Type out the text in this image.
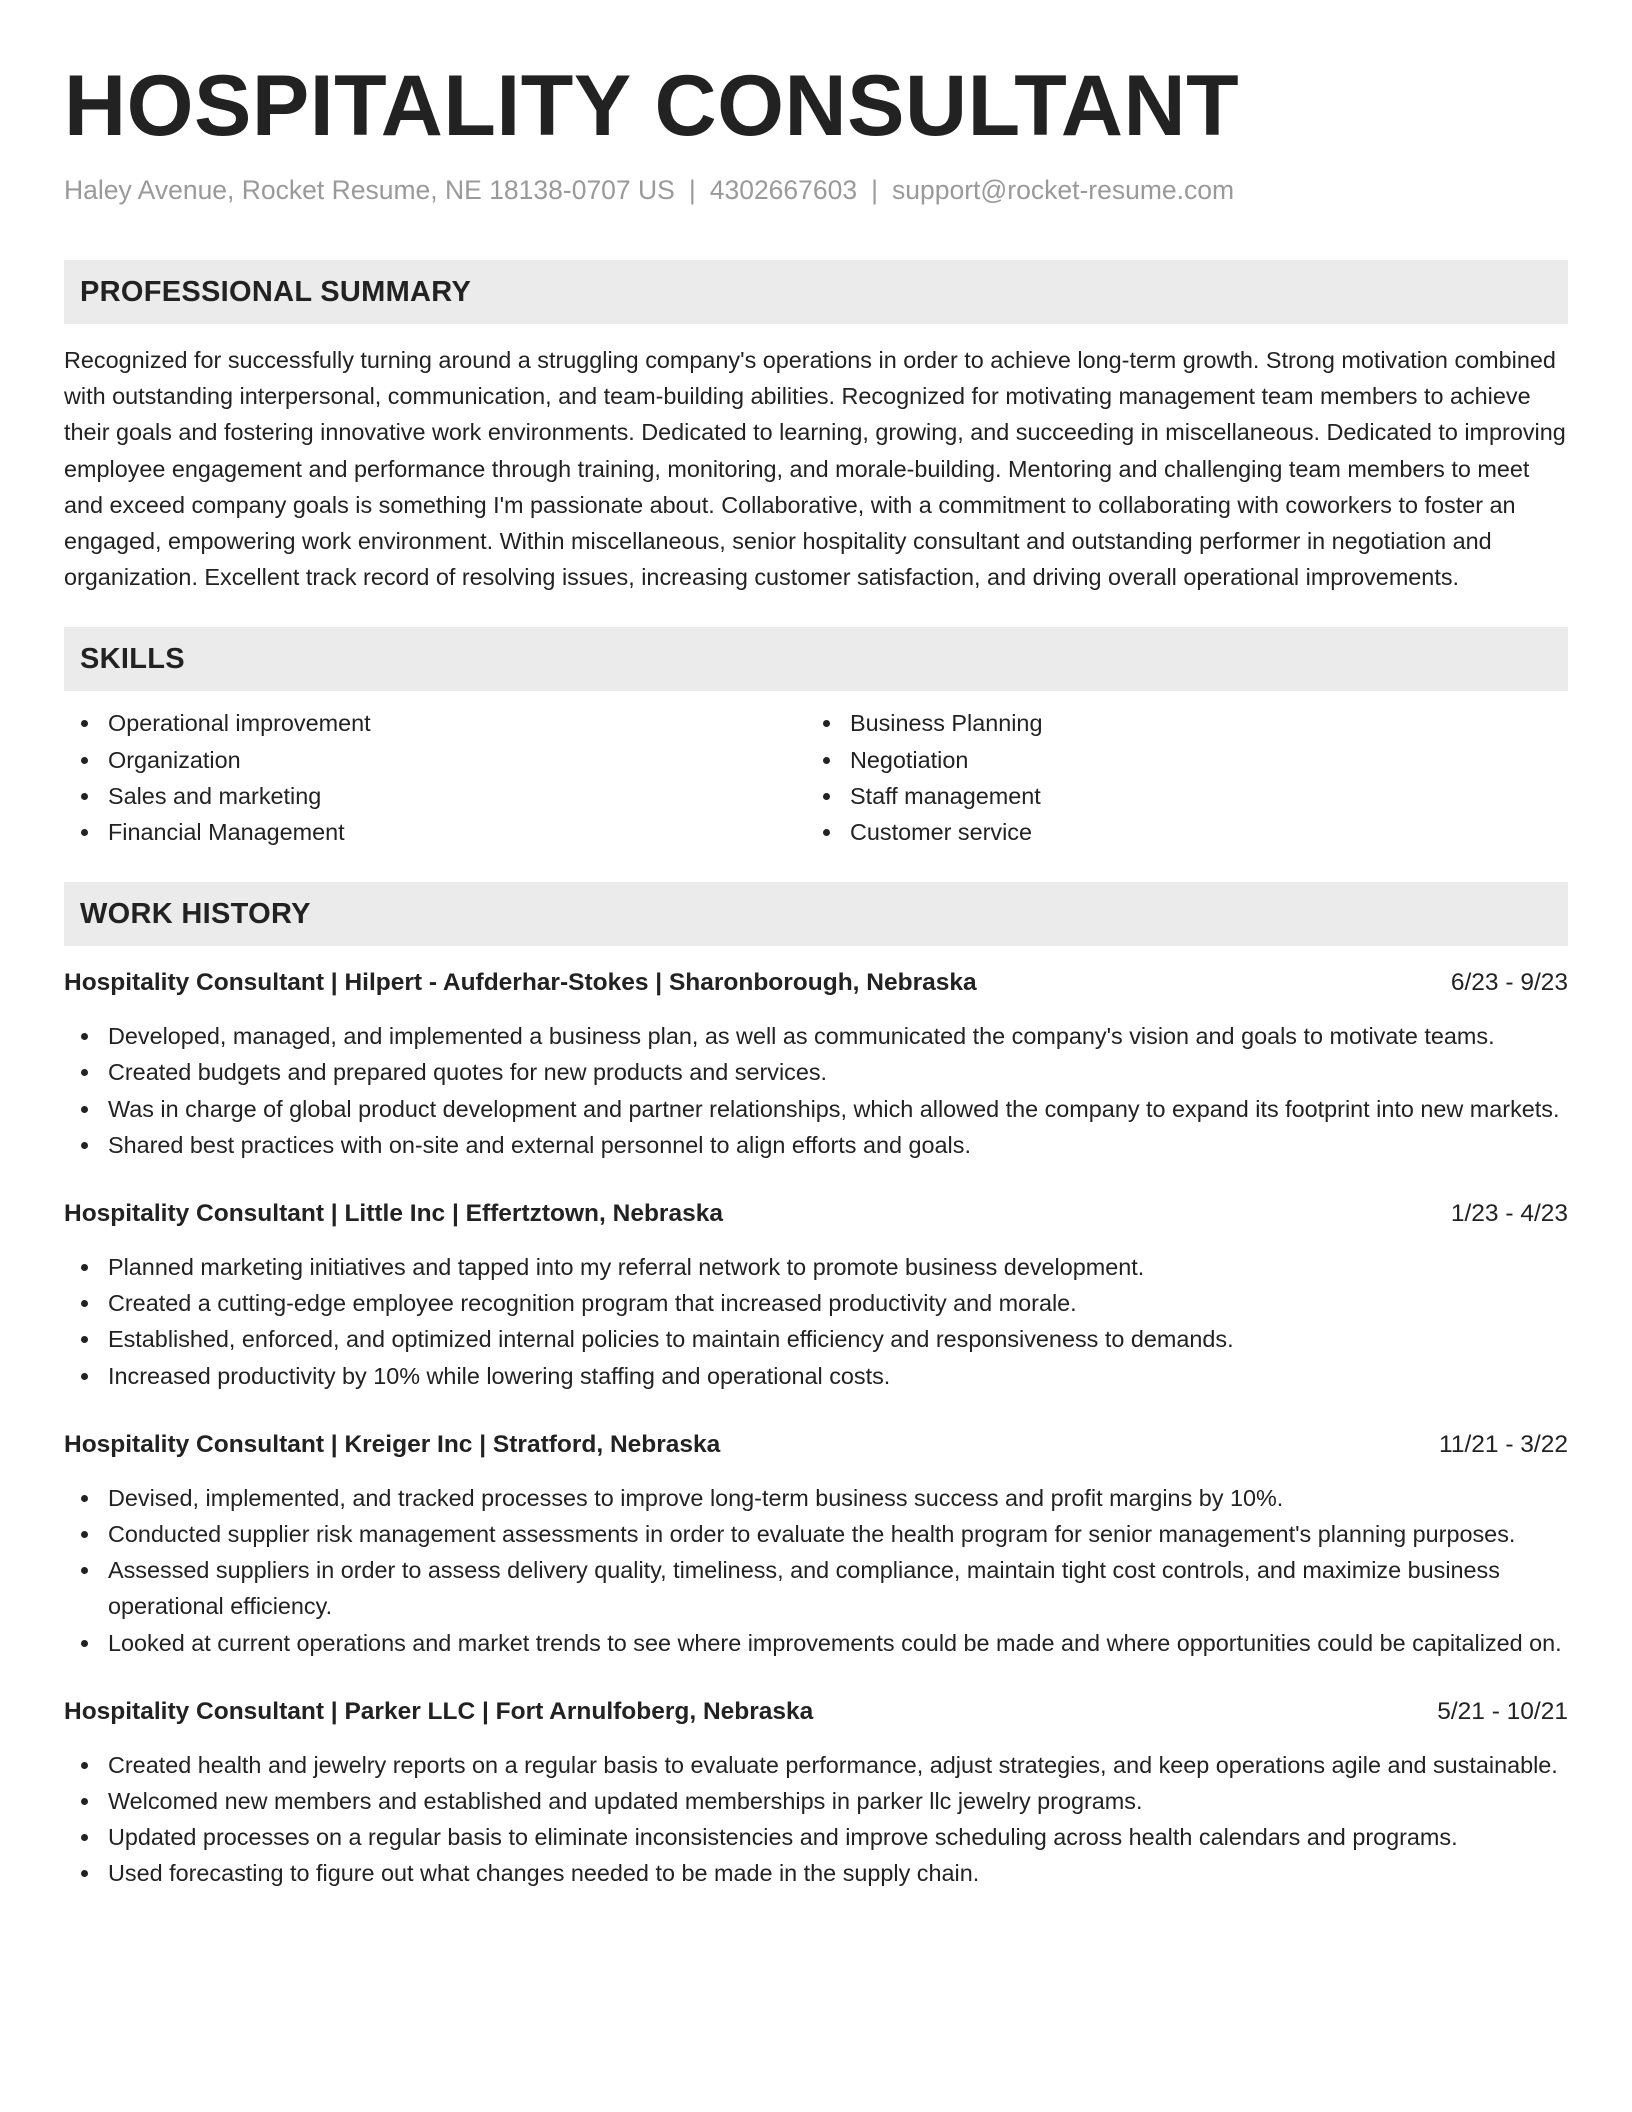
HOSPITALITY CONSULTANT
Haley Avenue, Rocket Resume, NE 18138-0707 US | 4302667603 | support@rocket-resume.com
PROFESSIONAL SUMMARY

Recognized for successfully turning around a struggling company's operations in order to achieve long-term growth. Strong motivation combined with outstanding interpersonal, communication, and team-building abilities. Recognized for motivating management team members to achieve their goals and fostering innovative work environments. Dedicated to learning, growing, and succeeding in miscellaneous. Dedicated to improving employee engagement and performance through training, monitoring, and morale-building. Mentoring and challenging team members to meet and exceed company goals is something I'm passionate about. Collaborative, with a commitment to collaborating with coworkers to foster an engaged, empowering work environment. Within miscellaneous, senior hospitality consultant and outstanding performer in negotiation and organization. Excellent track record of resolving issues, increasing customer satisfaction, and driving overall operational improvements.

SKILLS
Operational improvement
Organization
Sales and marketing
Financial Management
Business Planning
Negotiation
Staff management
Customer service
WORK HISTORY
Hospitality Consultant | Hilpert - Aufderhar-Stokes | Sharonborough, Nebraska	6/23 - 9/23
Developed, managed, and implemented a business plan, as well as communicated the company's vision and goals to motivate teams.
Created budgets and prepared quotes for new products and services.
Was in charge of global product development and partner relationships, which allowed the company to expand its footprint into new markets.
Shared best practices with on-site and external personnel to align efforts and goals.
Hospitality Consultant | Little Inc | Effertztown, Nebraska	1/23 - 4/23
Planned marketing initiatives and tapped into my referral network to promote business development.
Created a cutting-edge employee recognition program that increased productivity and morale.
Established, enforced, and optimized internal policies to maintain efficiency and responsiveness to demands.
Increased productivity by 10% while lowering staffing and operational costs.
Hospitality Consultant | Kreiger Inc | Stratford, Nebraska	11/21 - 3/22
Devised, implemented, and tracked processes to improve long-term business success and profit margins by 10%.
Conducted supplier risk management assessments in order to evaluate the health program for senior management's planning purposes.
Assessed suppliers in order to assess delivery quality, timeliness, and compliance, maintain tight cost controls, and maximize business operational efficiency.
Looked at current operations and market trends to see where improvements could be made and where opportunities could be capitalized on.
Hospitality Consultant | Parker LLC | Fort Arnulfoberg, Nebraska	5/21 - 10/21
Created health and jewelry reports on a regular basis to evaluate performance, adjust strategies, and keep operations agile and sustainable.
Welcomed new members and established and updated memberships in parker llc jewelry programs.
Updated processes on a regular basis to eliminate inconsistencies and improve scheduling across health calendars and programs.
Used forecasting to figure out what changes needed to be made in the supply chain.
